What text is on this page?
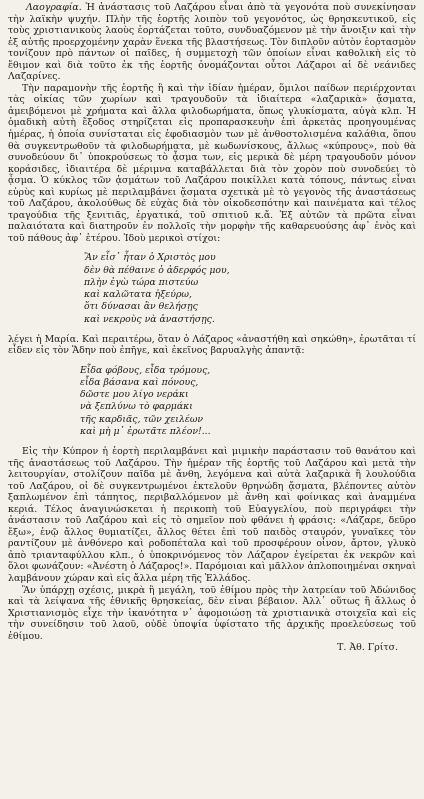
Λαογραφία. Ἡ ἀνάστασις τοῦ Λαζάρου εἶναι ἀπὸ τὰ γεγονότα ποὺ συνεκίνησαν τὴν λαϊκὴν ψυχήν. Πλὴν τῆς ἑορτῆς λοιπὸν τοῦ γεγονότος, ὡς θρησκευτικοῦ, εἰς τοὺς χριστιανικοὺς λαοὺς ἑορτάζεται τοῦτο, συνδυαζόμενον μὲ τὴν ἄνοιξιν καὶ τὴν ἐξ αὐτῆς προερχομένην χαρὰν ἕνεκα τῆς βλαστήσεως. Τὸν διπλοῦν αὐτὸν ἑορτασμὸν τονίζουν πρὸ πάντων οἱ παῖδες, ἡ συμμετοχὴ τῶν ὁποίων εἶναι καθολικὴ εἰς τὸ ἔθιμον καὶ διὰ τοῦτο ἐκ τῆς ἑορτῆς ὀνομάζονται οὗτοι Λάζαροι αἱ δὲ νεάνιδες Λαζαρίνες.

Τὴν παραμονὴν τῆς ἑορτῆς ἢ καὶ τὴν ἰδίαν ἡμέραν, ὅμιλοι παίδων περιέρχονται τὰς οἰκίας τῶν χωρίων καὶ τραγουδοῦν τὰ ἰδιαίτερα «λαζαρικὰ» ᾄσματα, ἀμειβόμενοι μὲ χρήματα καὶ ἄλλα φιλοδωρήματα, ὅπως γλυκίσματα, αὐγὰ κλπ. Ἡ ὁμαδικὴ αὐτὴ ἔξοδος στηρίζεται εἰς προπαρασκευὴν ἐπὶ ἀρκετὰς προηγουμένας ἡμέρας, ἡ ὁποία συνίσταται εἰς ἐφοδιασμὸν των μὲ ἀνθοστολισμένα καλάθια, ὅπου θὰ συγκεντρωθοῦν τὰ φιλοδωρήματα, μὲ κωδωνίσκους, ἄλλως «κύπρους», ποὺ θὰ συνοδεύουν δι᾽ ὑποκρούσεως τὸ ᾆσμα των, εἰς μερικὰ δὲ μέρη τραγουδοῦν μόνον κοράσιδες, ἰδιαιτέρα δὲ μέριμνα καταβάλλεται διὰ τὸν χορὸν ποὺ συνοδεύει τὸ ᾆσμα. Ὁ κύκλος τῶν ᾀσμάτων τοῦ Λαζάρου ποικίλλει κατὰ τόπους, πάντως εἶναι εὐρὺς καὶ κυρίως μὲ περιλαμβάνει ᾄσματα σχετικὰ μὲ τὸ γεγονὸς τῆς ἀναστάσεως τοῦ Λαζάρου, ἀκολούθως δὲ εὐχὰς διὰ τὸν οἰκοδεσπότην καὶ παινέματα καὶ τέλος τραγούδια τῆς ξενιτιᾶς, ἐργατικά, τοῦ σπιτιοῦ κ.ἄ. Ἐξ αὐτῶν τὰ πρῶτα εἶναι παλαιότατα καὶ διατηροῦν ἐν πολλοῖς τὴν μορφὴν τῆς καθαρευούσης ἀφ᾽ ἑνὸς καὶ τοῦ πάθους ἀφ᾽ ἑτέρου. Ἰδοὺ μερικοὶ στίχοι:

Ἂν εἶσ᾽ ἦταν ὁ Χριστὸς μου
δὲν θὰ πέθαινε ὁ ἀδερφός μου,
πλὴν ἐγὼ τώρα πιστεύω
καὶ καλῶτατα ἠξεύρω,
ὅτι δύνασαι ἂν θελήσῃς
καὶ νεκροὺς νὰ ἀναστήσῃς.

λέγει ἡ Μαρία. Καὶ περαιτέρω, ὅταν ὁ Λάζαρος «ἀναστήθη καὶ σηκώθη», ἐρωτᾶται τί εἶδεν εἰς τὸν Ἅδην ποὺ ἐπῆγε, καὶ ἐκεῖνος βαρυαλγὴς ἀπαντᾷ:

Εἶδα φόβους, εἶδα τρόμους,
εἶδα βάσανα καὶ πόνους,
δῶστε μου λίγο νεράκι
νὰ ξεπλύνω τὸ φαρμάκι
τῆς καρδιᾶς, τῶν χειλέων
καὶ μὴ μ᾽ ἐρωτᾶτε πλέον!...

Εἰς τὴν Κύπρον ἡ ἑορτὴ περιλαμβάνει καὶ μιμικὴν παράστασιν τοῦ θανάτου καὶ τῆς ἀναστάσεως τοῦ Λαζάρου. Τὴν ἡμέραν τῆς ἑορτῆς τοῦ Λαζάρου καὶ μετὰ τὴν λειτουργίαν, στολίζουν παῖδα μὲ ἄνθη, λεγόμενα καὶ αὐτὰ λαζαρικὰ ἢ λουλούδια τοῦ Λαζάρου, οἱ δὲ συγκεντρωμένοι ἐκτελοῦν θρηνώδη ᾄσματα, βλέποντες αὐτὸν ξαπλωμένον ἐπὶ τάπητος, περιβαλλόμενον μὲ ἄνθη καὶ φοίνικας καὶ ἀναμμένα κεριά. Τέλος ἀναγινώσκεται ἡ περικοπὴ τοῦ Εὐαγγελίου, ποὺ περιγράφει τὴν ἀνάστασιν τοῦ Λαζάρου καὶ εἰς τὸ σημεῖον ποὺ φθάνει ἡ φράσις: «Λάζαρε, δεῦρο ἔξω», ἐνῷ ἄλλος θυμιατίζει, ἄλλος θέτει ἐπὶ τοῦ παιδὸς σταυρόν, γυναῖκες τὸν ραντίζουν μὲ ἀνθόνερο καὶ ροδοπέταλα καὶ τοῦ προσφέρουν οἶνον, ἄρτον, γλυκὸ ἀπὸ τριανταφύλλου κλπ., ὁ ὑποκρινόμενος τὸν Λάζαρον ἐγείρεται ἐκ νεκρῶν καὶ ὅλοι φωνάζουν: «Ἀνέστη ὁ Λάζαρος!». Παρόμοιαι καὶ μᾶλλον ἀπλοποιημέναι σκηναὶ λαμβάνουν χώραν καὶ εἰς ἄλλα μέρη τῆς Ἑλλάδος.

Ἂν ὑπάρχῃ σχέσις, μικρὰ ἢ μεγάλη, τοῦ ἐθίμου πρὸς τὴν λατρείαν τοῦ Ἀδώνιδος καὶ τὰ λείψανα τῆς ἐθνικῆς θρησκείας, δὲν εἶναι βέβαιον. Ἀλλ᾽ οὕτως ἢ ἄλλως ὁ Χριστιανισμὸς εἶχε τὴν ἱκανότητα ν᾽ ἀφομοιώσῃ τὰ χριστιανικὰ στοιχεῖα καὶ εἰς τὴν συνείδησιν τοῦ λαοῦ, οὐδὲ ὑποψία ὑφίστατο τῆς ἀρχικῆς προελεύσεως τοῦ ἐθίμου.

Τ. Ἀθ. Γρίτσ.
